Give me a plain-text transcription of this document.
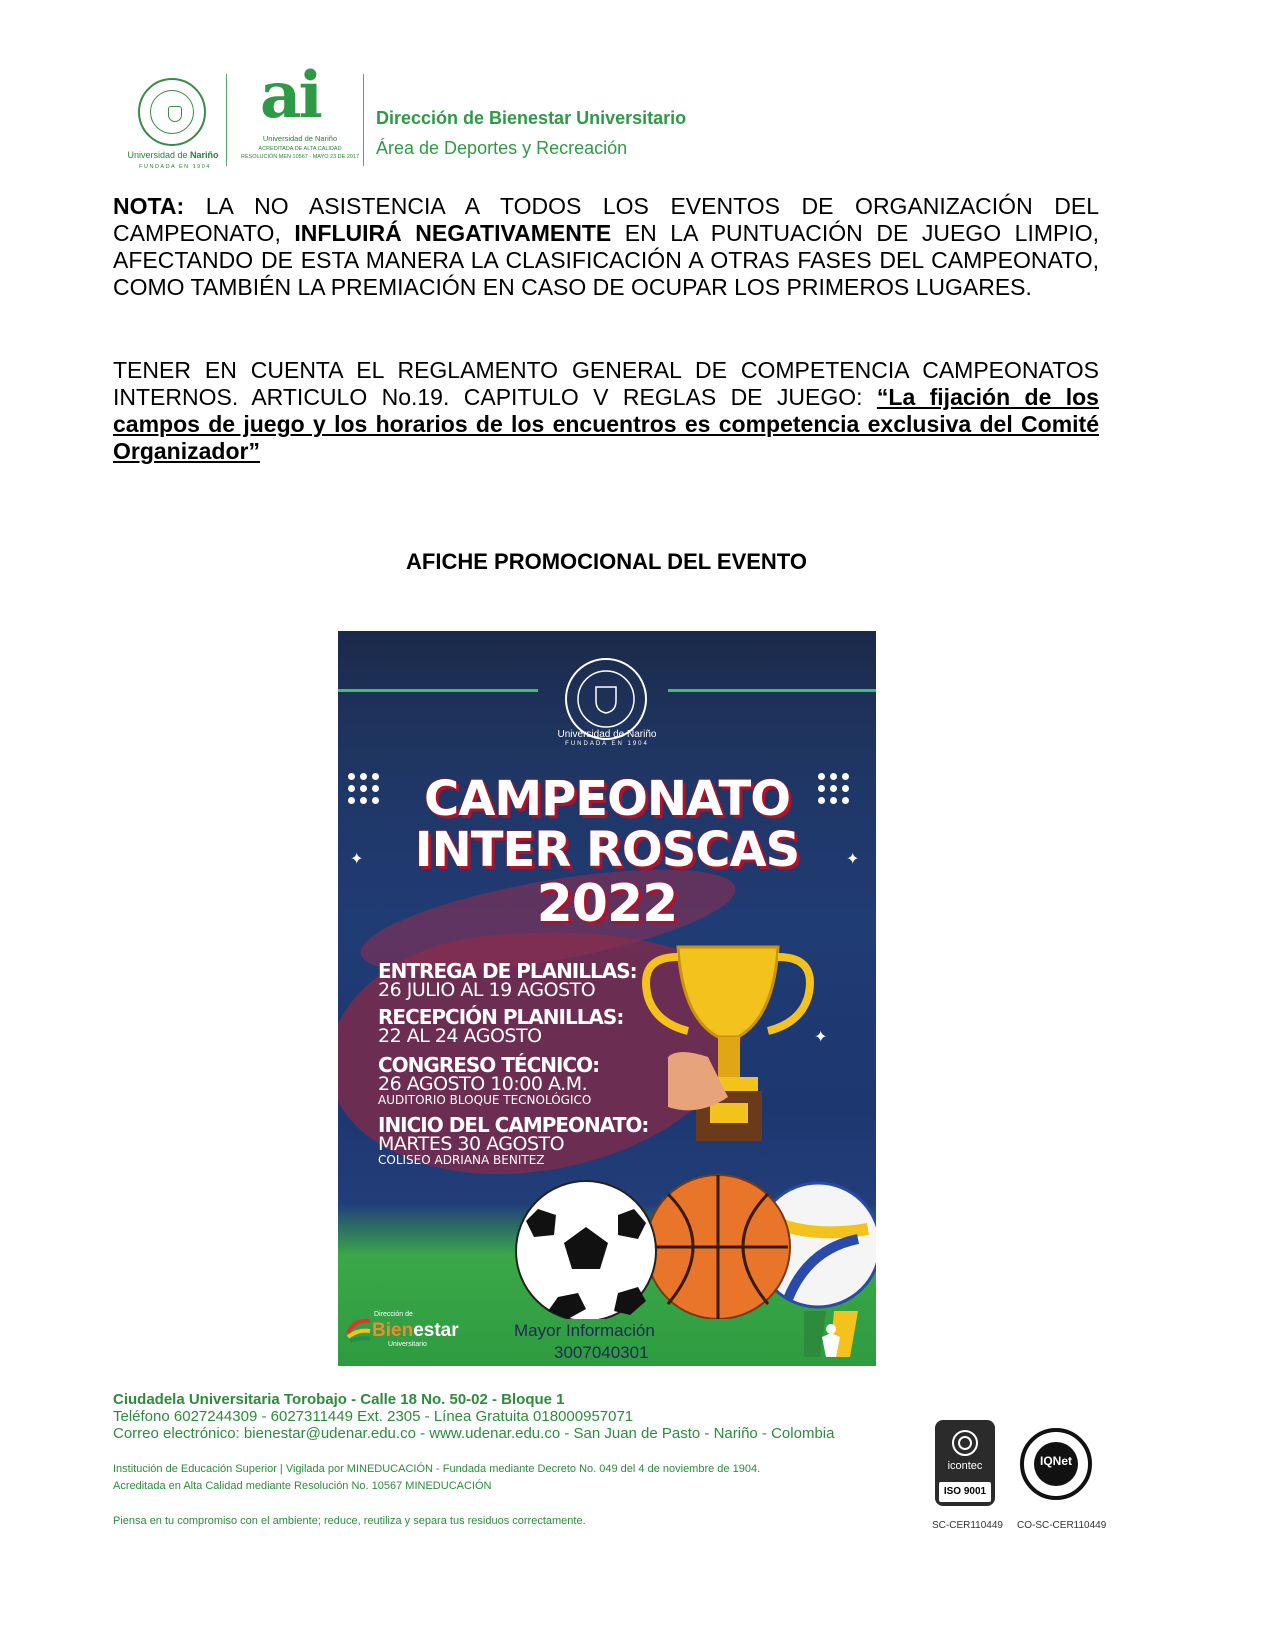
Universidad de Nariño
FUNDADA EN 1904
ai
Universidad de Nariño
ACREDITADA DE ALTA CALIDAD
RESOLUCIÓN MEN 10567 - MAYO 23 DE 2017
Dirección de Bienestar Universitario
Área de Deportes y Recreación
NOTA: LA NO ASISTENCIA A TODOS LOS EVENTOS DE ORGANIZACIÓN DEL CAMPEONATO, INFLUIRÁ NEGATIVAMENTE EN LA PUNTUACIÓN DE JUEGO LIMPIO, AFECTANDO DE ESTA MANERA LA CLASIFICACIÓN A OTRAS FASES DEL CAMPEONATO, COMO TAMBIÉN LA PREMIACIÓN EN CASO DE OCUPAR LOS PRIMEROS LUGARES.
TENER EN CUENTA EL REGLAMENTO GENERAL DE COMPETENCIA CAMPEONATOS INTERNOS. ARTICULO No.19. CAPITULO V REGLAS DE JUEGO: “La fijación de los campos de juego y los horarios de los encuentros es competencia exclusiva del Comité Organizador”
AFICHE PROMOCIONAL DEL EVENTO
Universidad de Nariño
FUNDADA EN 1904
✦	✦
✦
CAMPEONATO
INTER ROSCAS
2022
ENTREGA DE PLANILLAS:
26 JULIO AL 19 AGOSTO
RECEPCIÓN PLANILLAS:
22 AL 24 AGOSTO
CONGRESO TÉCNICO:
26 AGOSTO 10:00 A.M.
AUDITORIO BLOQUE TECNOLÓGICO
INICIO DEL CAMPEONATO:
MARTES 30 AGOSTO
COLISEO ADRIANA BENITEZ
Dirección de
Bienestar
Universitario
Mayor Información
3007040301
Ciudadela Universitaria Torobajo - Calle 18 No. 50-02 - Bloque 1
Teléfono 6027244309 - 6027311449 Ext. 2305 - Línea Gratuita 018000957071
Correo electrónico: bienestar@udenar.edu.co - www.udenar.edu.co - San Juan de Pasto - Nariño - Colombia
Institución de Educación Superior | Vigilada por MINEDUCACIÓN - Fundada mediante Decreto No. 049 del 4 de noviembre de 1904.
Acreditada en Alta Calidad mediante Resolución No. 10567 MINEDUCACIÓN
Piensa en tu compromiso con el ambiente; reduce, reutiliza y separa tus residuos correctamente.
icontec
ISO 9001
IQNet
SC-CER110449 CO-SC-CER110449
